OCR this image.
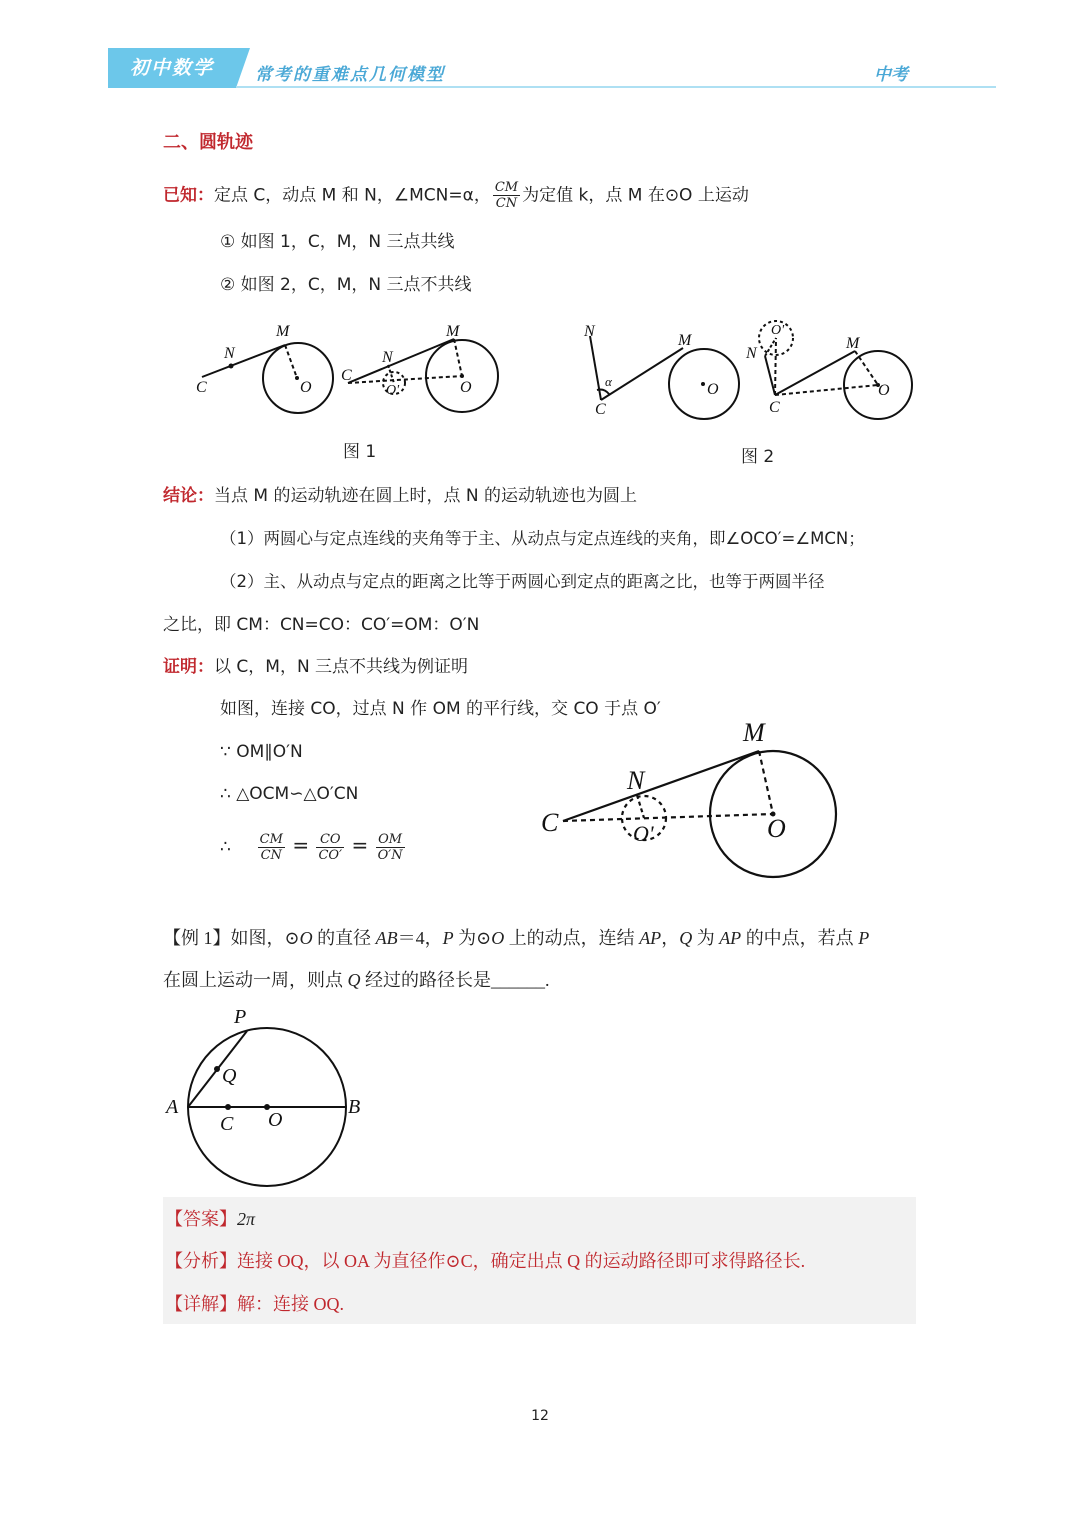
初中数学	常考的重难点几何模型	中考
二、圆轨迹
已知：定点 C，动点 M 和 N，∠MCN=α， $\frac{CM}{CN}$ 为定值 k，点 M 在⊙O 上运动
① 如图 1，C，M，N 三点共线
② 如图 2，C，M，N 三点不共线
M
N
C	O
M
N
C
O'	O
N
M
α
C
O
O'
N
M
C
O
图 1	图 2
结论：当点 M 的运动轨迹在圆上时，点 N 的运动轨迹也为圆上
（1）两圆心与定点连线的夹角等于主、从动点与定点连线的夹角，即∠OCO′=∠MCN；
（2）主、从动点与定点的距离之比等于两圆心到定点的距离之比，也等于两圆半径
之比，即 CM：CN=CO：CO′=OM：O′N
证明：以 C，M，N 三点不共线为例证明
如图，连接 CO，过点 N 作 OM 的平行线，交 CO 于点 O′
∵ OM∥O′N
∴ △OCM∽△O′CN
∴ $\frac{CM}{CN} = \frac{CO}{CO'} = \frac{OM}{O'N}$
M
N
C	O'	O
【例 1】如图，⊙O 的直径 AB＝4，P 为⊙O 上的动点，连结 AP，Q 为 AP 的中点，若点 P
在圆上运动一周，则点 Q 经过的路径长是______.
P
Q
A
C O
B
【答案】2π
【分析】连接 OQ，以 OA 为直径作⊙C，确定出点 Q 的运动路径即可求得路径长.
【详解】解：连接 OQ.
12
